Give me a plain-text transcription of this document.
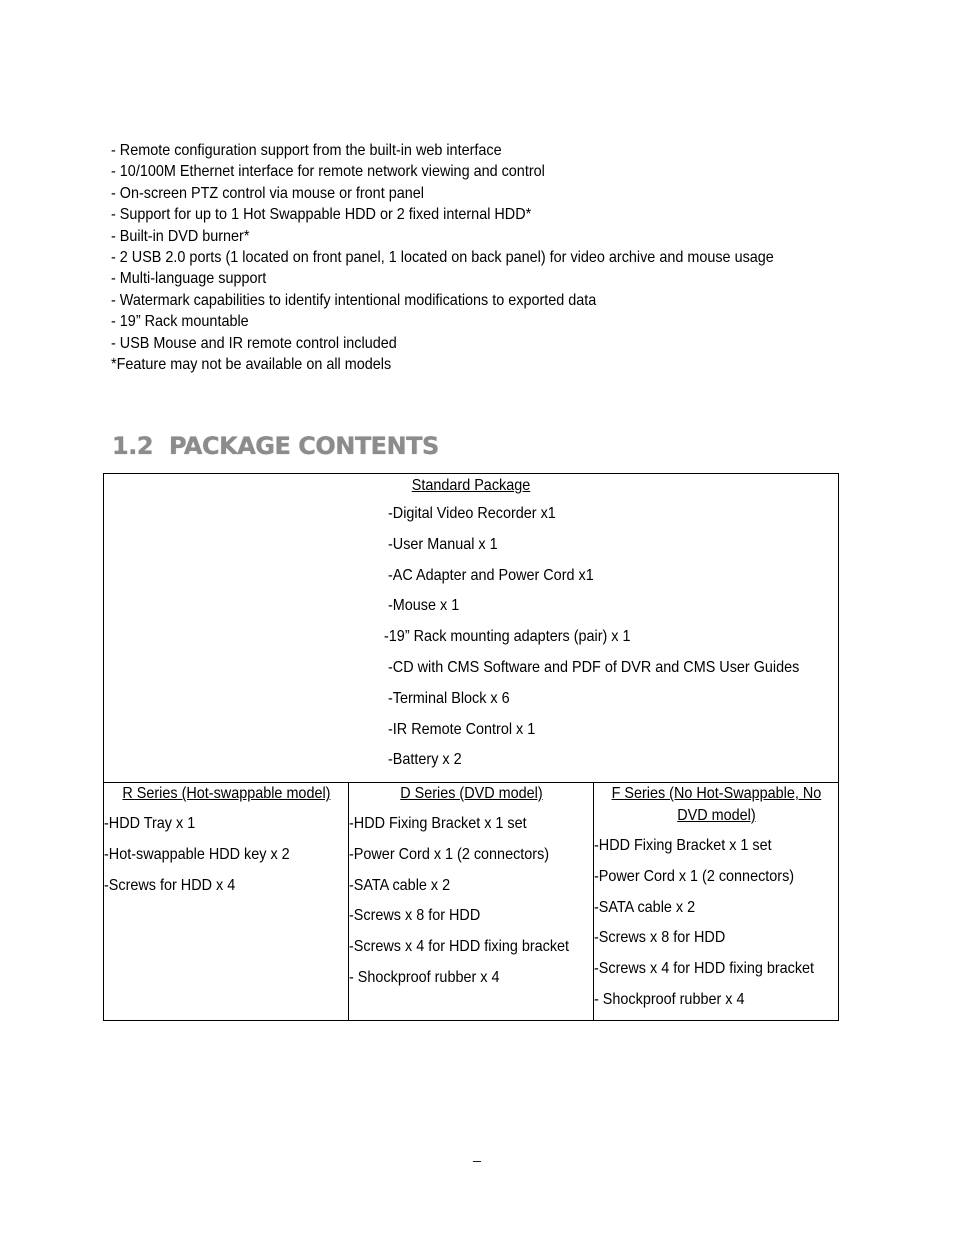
- Remote configuration support from the built-in web interface
- 10/100M Ethernet interface for remote network viewing and control
- On-screen PTZ control via mouse or front panel
- Support for up to 1 Hot Swappable HDD or 2 fixed internal HDD*
- Built-in DVD burner*
- 2 USB 2.0 ports (1 located on front panel, 1 located on back panel) for video archive and mouse usage
- Multi-language support
- Watermark capabilities to identify intentional modifications to exported data
- 19” Rack mountable
- USB Mouse and IR remote control included
*Feature may not be available on all models
1.2 PACKAGE CONTENTS
Standard Package
-Digital Video Recorder x1
-User Manual x 1
-AC Adapter and Power Cord x1
-Mouse x 1
-19” Rack mounting adapters (pair) x 1
-CD with CMS Software and PDF of DVR and CMS User Guides
-Terminal Block x 6
-IR Remote Control x 1
-Battery x 2

R Series (Hot-swappable model)
-HDD Tray x 1
-Hot-swappable HDD key x 2
-Screws for HDD x 4

D Series (DVD model)
-HDD Fixing Bracket x 1 set
-Power Cord x 1 (2 connectors)
-SATA cable x 2
-Screws x 8 for HDD
-Screws x 4 for HDD fixing bracket
- Shockproof rubber x 4

F Series (No Hot-Swappable, No DVD model)
-HDD Fixing Bracket x 1 set
-Power Cord x 1 (2 connectors)
-SATA cable x 2
-Screws x 8 for HDD
-Screws x 4 for HDD fixing bracket
- Shockproof rubber x 4
_
